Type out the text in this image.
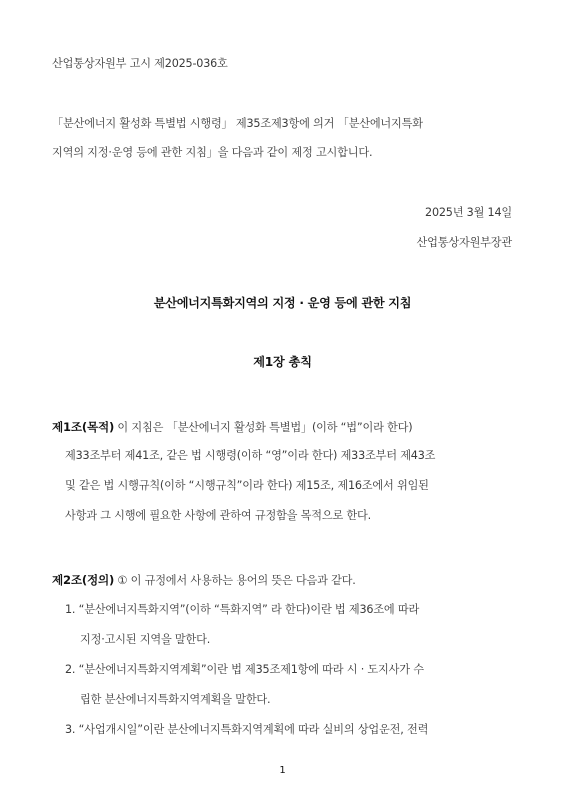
산업통상자원부 고시 제2025-036호
「분산에너지 활성화 특별법 시행령」 제35조제3항에 의거 「분산에너지특화
지역의 지정·운영 등에 관한 지침」을 다음과 같이 제정 고시합니다.
2025년 3월 14일
산업통상자원부장관
분산에너지특화지역의 지정 · 운영 등에 관한 지침
제1장 총칙
제1조(목적) 이 지침은 「분산에너지 활성화 특별법」(이하 “법”이라 한다)
제33조부터 제41조, 같은 법 시행령(이하 “영”이라 한다) 제33조부터 제43조
및 같은 법 시행규칙(이하 “시행규칙”이라 한다) 제15조, 제16조에서 위임된
사항과 그 시행에 필요한 사항에 관하여 규정함을 목적으로 한다.
제2조(정의) ① 이 규정에서 사용하는 용어의 뜻은 다음과 같다.
1. “분산에너지특화지역”(이하 “특화지역” 라 한다)이란 법 제36조에 따라
지정·고시된 지역을 말한다.
2. “분산에너지특화지역계획”이란 법 제35조제1항에 따라 시 · 도지사가 수
립한 분산에너지특화지역계획을 말한다.
3. “사업개시일”이란 분산에너지특화지역계획에 따라 실비의 상업운전, 전력
1
